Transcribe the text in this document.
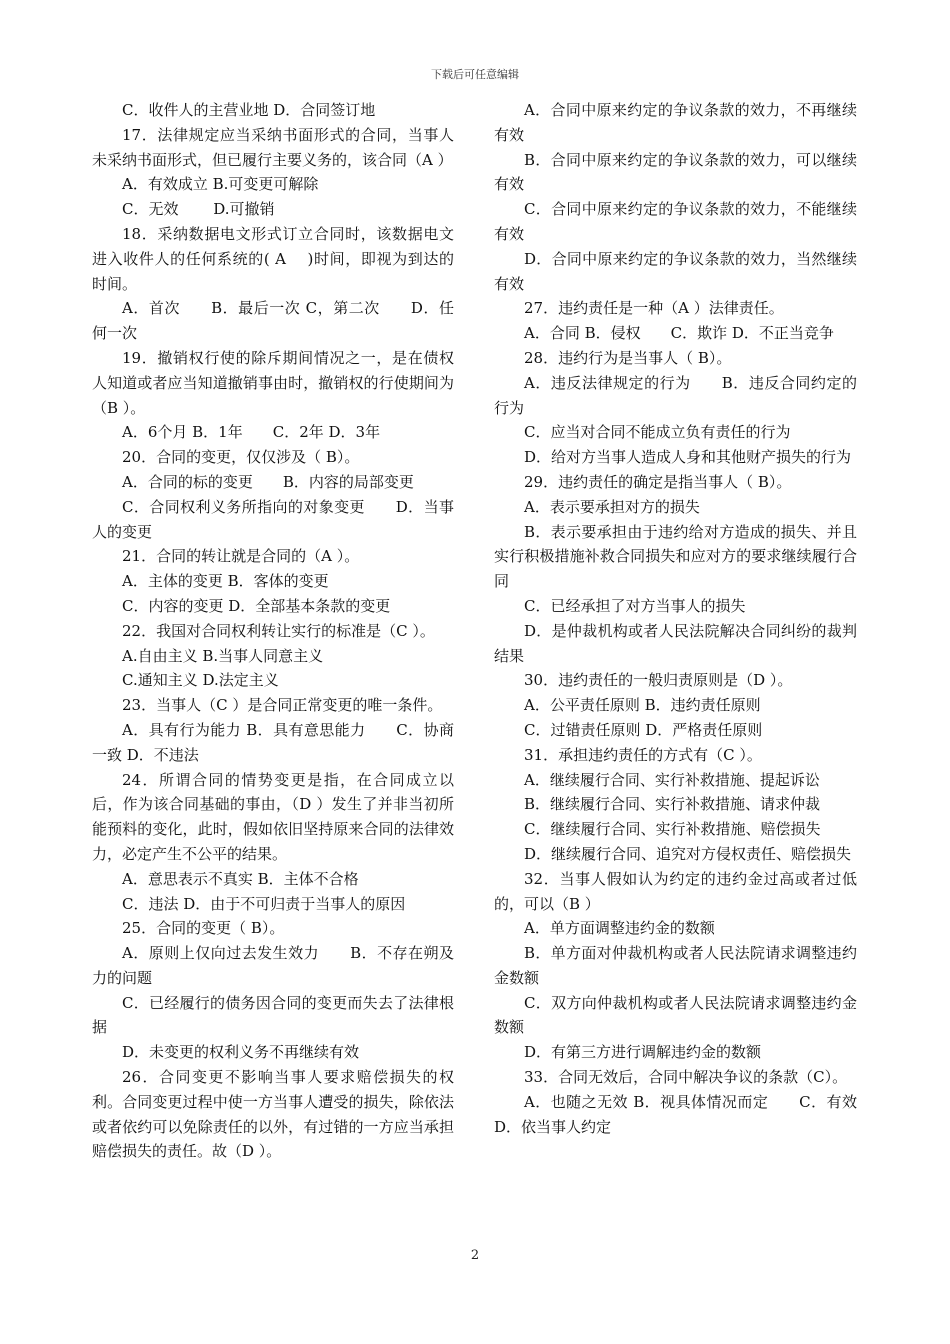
下载后可任意编辑

C．收件人的主营业地 D．合同签订地

17．法律规定应当采纳书面形式的合同，当事人未采纳书面形式，但已履行主要义务的，该合同（A ）

A．有效成立 B.可变更可解除

C．无效　　 D.可撤销

18．采纳数据电文形式订立合同时，该数据电文进入收件人的任何系统的( A　 )时间，即视为到达的时间。

A．首次　　B．最后一次 C，第二次　　D．任何一次

19．撤销权行使的除斥期间情况之一，是在债权人知道或者应当知道撤销事由时，撤销权的行使期间为（B ）。

A．6个月 B．1年　　C．2年 D．3年

20．合同的变更，仅仅涉及（ B）。

A．合同的标的变更　　B．内容的局部变更

C．合同权利义务所指向的对象变更　　D．当事人的变更

21．合同的转让就是合同的（A ）。

A．主体的变更 B．客体的变更

C．内容的变更 D．全部基本条款的变更

22．我国对合同权利转让实行的标准是（C ）。

A.自由主义 B.当事人同意主义

C.通知主义 D.法定主义

23．当事人（C ）是合同正常变更的唯一条件。

A．具有行为能力 B．具有意思能力　　C．协商一致 D．不违法

24．所谓合同的情势变更是指，在合同成立以后，作为该合同基础的事由，（D ）发生了并非当初所能预料的变化，此时，假如依旧坚持原来合同的法律效力，必定产生不公平的结果。

A．意思表示不真实 B．主体不合格

C．违法 D．由于不可归责于当事人的原因

25．合同的变更（ B）。

A．原则上仅向过去发生效力　　B．不存在朔及力的问题

C．已经履行的债务因合同的变更而失去了法律根据

D．未变更的权利义务不再继续有效

26．合同变更不影响当事人要求赔偿损失的权利。合同变更过程中使一方当事人遭受的损失，除依法或者依约可以免除责任的以外，有过错的一方应当承担赔偿损失的责任。故（D ）。

A．合同中原来约定的争议条款的效力，不再继续有效

B．合同中原来约定的争议条款的效力，可以继续有效

C．合同中原来约定的争议条款的效力，不能继续有效

D．合同中原来约定的争议条款的效力，当然继续有效

27．违约责任是一种（A ）法律责任。

A．合同 B．侵权　　C．欺诈 D．不正当竞争

28．违约行为是当事人（ B）。

A．违反法律规定的行为　　B．违反合同约定的行为

C．应当对合同不能成立负有责任的行为

D．给对方当事人造成人身和其他财产损失的行为

29．违约责任的确定是指当事人（ B）。

A．表示要承担对方的损失

B．表示要承担由于违约给对方造成的损失、并且实行积极措施补救合同损失和应对方的要求继续履行合同

C．已经承担了对方当事人的损失

D．是仲裁机构或者人民法院解决合同纠纷的裁判结果

30．违约责任的一般归责原则是（D ）。

A．公平责任原则 B．违约责任原则

C．过错责任原则 D．严格责任原则

31．承担违约责任的方式有（C ）。

A．继续履行合同、实行补救措施、提起诉讼

B．继续履行合同、实行补救措施、请求仲裁

C．继续履行合同、实行补救措施、赔偿损失

D．继续履行合同、追究对方侵权责任、赔偿损失

32．当事人假如认为约定的违约金过高或者过低的，可以（B ）

A．单方面调整违约金的数额

B．单方面对仲裁机构或者人民法院请求调整违约金数额

C．双方向仲裁机构或者人民法院请求调整违约金数额

D．有第三方进行调解违约金的数额

33．合同无效后，合同中解决争议的条款（C）。

A．也随之无效 B．视具体情况而定　　C．有效 D．依当事人约定

2
